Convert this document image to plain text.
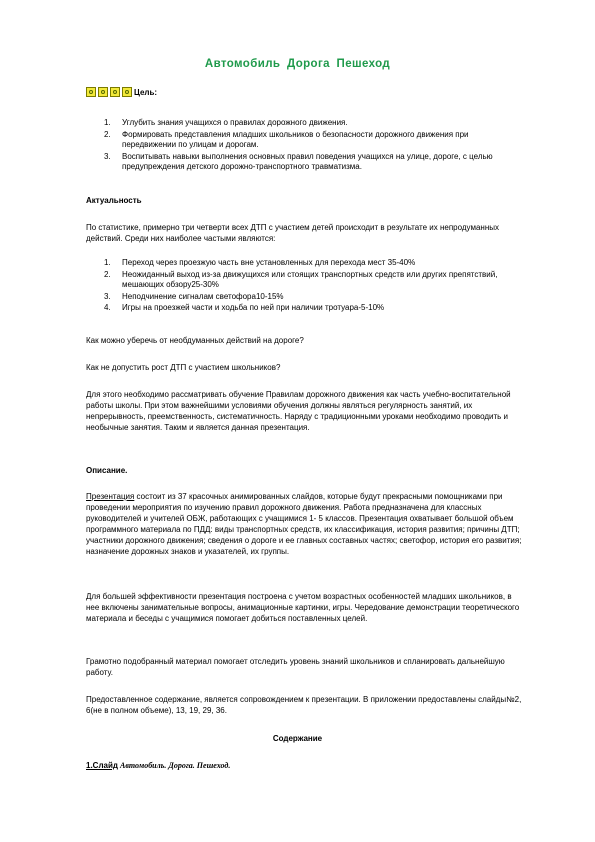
Автомобиль Дорога Пешеход
Цель:
1. Углубить знания учащихся о правилах дорожного движения.
2. Формировать представления младших школьников о безопасности дорожного движения при передвижении по улицам и дорогам.
3. Воспитывать навыки выполнения основных правил поведения учащихся на улице, дороге, с целью предупреждения детского дорожно-транспортного травматизма.
Актуальность
По статистике, примерно три четверти всех ДТП с участием детей происходит в результате их непродуманных действий. Среди них наиболее частыми являются:
1. Переход через проезжую часть вне установленных для перехода мест 35-40%
2. Неожиданный выход из-за движущихся или стоящих транспортных средств или других препятствий, мешающих обзору25-30%
3. Неподчинение сигналам светофора10-15%
4. Игры на проезжей части и ходьба по ней при наличии тротуара-5-10%
Как можно уберечь от необдуманных действий на дороге?
Как не допустить рост ДТП с участием школьников?
Для этого необходимо рассматривать обучение Правилам дорожного движения как часть учебно-воспитательной работы школы. При этом важнейшими условиями обучения должны являться регулярность занятий, их непрерывность, преемственность, систематичность. Наряду с традиционными уроками необходимо проводить и необычные занятия. Таким и является данная презентация.
Описание.
Презентация состоит из 37 красочных анимированных слайдов, которые будут прекрасными помощниками при проведении мероприятия по изучению правил дорожного движения. Работа предназначена для классных руководителей и учителей ОБЖ, работающих с учащимися 1- 5 классов. Презентация охватывает большой объем программного материала по ПДД: виды транспортных средств, их классификация, история развития; причины ДТП; участники дорожного движения; сведения о дороге и ее главных составных частях; светофор, история его развития; назначение дорожных знаков и указателей, их группы.
Для большей эффективности презентация построена с учетом возрастных особенностей младших школьников, в нее включены занимательные вопросы, анимационные картинки, игры. Чередование демонстрации теоретического материала и беседы с учащимися помогает добиться поставленных целей.
Грамотно подобранный материал помогает отследить уровень знаний школьников и спланировать дальнейшую работу.
Предоставленное содержание, является сопровождением к презентации. В приложении предоставлены слайды№2, 6(не в полном объеме), 13, 19, 29, 36.
Содержание
1.Слайд Автомобиль. Дорога. Пешеход.
